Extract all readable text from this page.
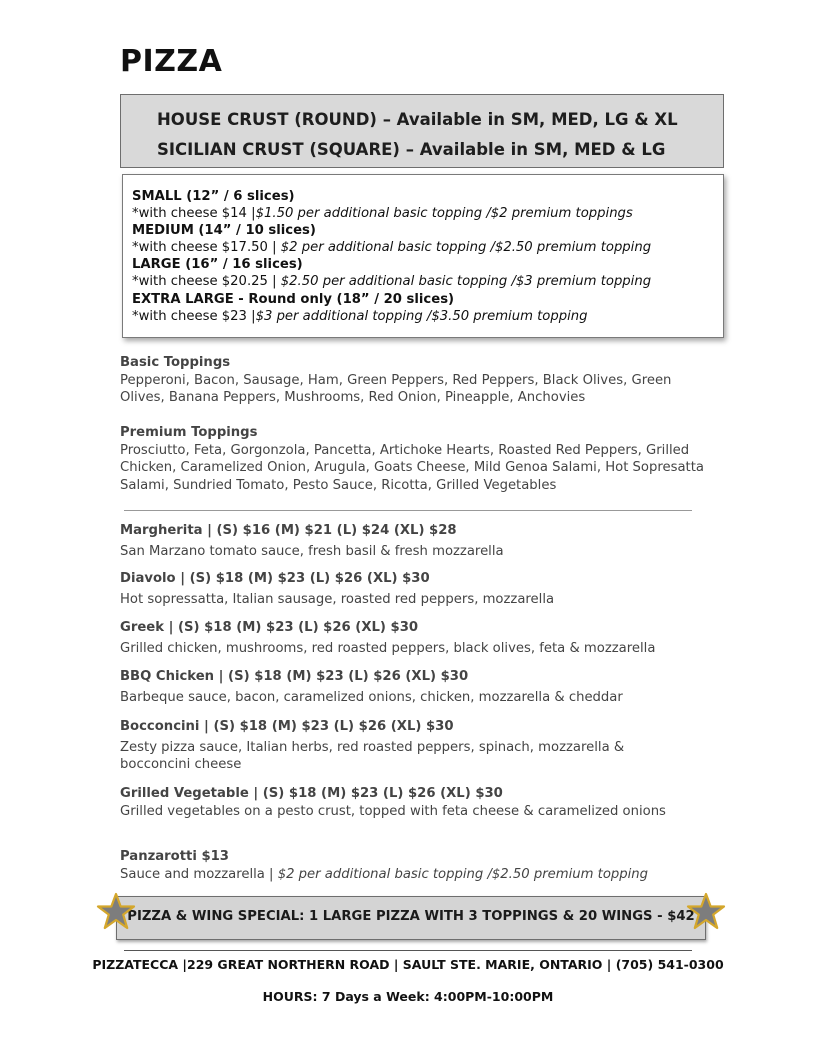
PIZZA
HOUSE CRUST (ROUND) – Available in SM, MED, LG & XL
SICILIAN CRUST (SQUARE) – Available in SM, MED & LG
SMALL (12” / 6 slices)
*with cheese $14 |$1.50 per additional basic topping /$2 premium toppings
MEDIUM (14” / 10 slices)
*with cheese $17.50 | $2 per additional basic topping /$2.50 premium topping
LARGE (16” / 16 slices)
*with cheese $20.25 | $2.50 per additional basic topping /$3 premium topping
EXTRA LARGE - Round only (18” / 20 slices)
*with cheese $23 |$3 per additional topping /$3.50 premium topping
Basic Toppings
Pepperoni, Bacon, Sausage, Ham, Green Peppers, Red Peppers, Black Olives, Green Olives, Banana Peppers, Mushrooms, Red Onion, Pineapple, Anchovies
Premium Toppings
Prosciutto, Feta, Gorgonzola, Pancetta, Artichoke Hearts, Roasted Red Peppers, Grilled Chicken, Caramelized Onion, Arugula, Goats Cheese, Mild Genoa Salami, Hot Sopresatta Salami, Sundried Tomato, Pesto Sauce, Ricotta, Grilled Vegetables
Margherita | (S) $16 (M) $21 (L) $24 (XL) $28
San Marzano tomato sauce, fresh basil & fresh mozzarella
Diavolo | (S) $18 (M) $23 (L) $26 (XL) $30
Hot sopressatta, Italian sausage, roasted red peppers, mozzarella
Greek | (S) $18 (M) $23 (L) $26 (XL) $30
Grilled chicken, mushrooms, red roasted peppers, black olives, feta & mozzarella
BBQ Chicken | (S) $18 (M) $23 (L) $26 (XL) $30
Barbeque sauce, bacon, caramelized onions, chicken, mozzarella & cheddar
Bocconcini | (S) $18 (M) $23 (L) $26 (XL) $30
Zesty pizza sauce, Italian herbs, red roasted peppers, spinach, mozzarella & bocconcini cheese
Grilled Vegetable | (S) $18 (M) $23 (L) $26 (XL) $30
Grilled vegetables on a pesto crust, topped with feta cheese & caramelized onions
Panzarotti $13
Sauce and mozzarella | $2 per additional basic topping /$2.50 premium topping
PIZZA & WING SPECIAL: 1 LARGE PIZZA WITH 3 TOPPINGS & 20 WINGS - $42
PIZZATECCA |229 GREAT NORTHERN ROAD | SAULT STE. MARIE, ONTARIO | (705) 541-0300
HOURS: 7 Days a Week: 4:00PM-10:00PM
